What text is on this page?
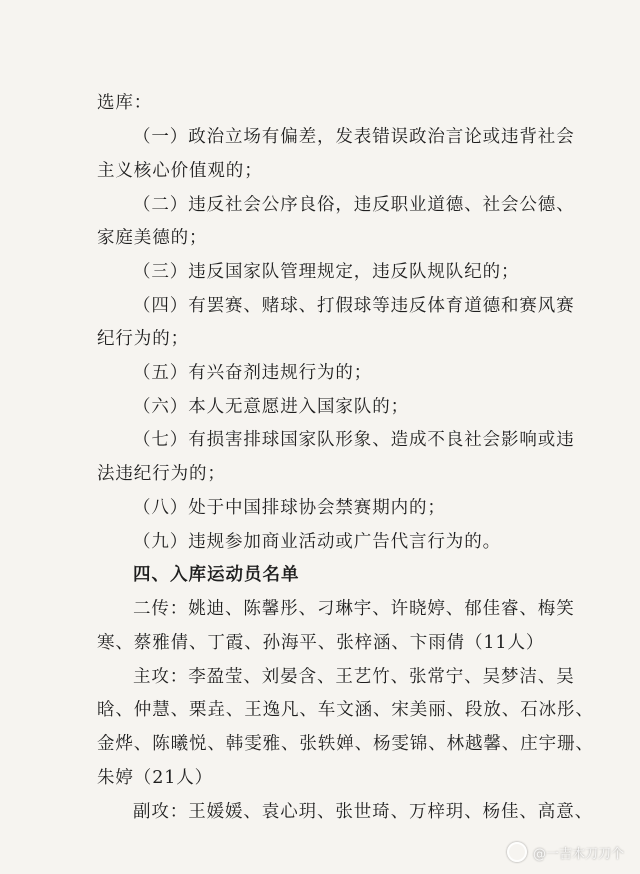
选库：
（一）政治立场有偏差，发表错误政治言论或违背社会
主义核心价值观的；
（二）违反社会公序良俗，违反职业道德、社会公德、
家庭美德的；
（三）违反国家队管理规定，违反队规队纪的；
（四）有罢赛、赌球、打假球等违反体育道德和赛风赛
纪行为的；
（五）有兴奋剂违规行为的；
（六）本人无意愿进入国家队的；
（七）有损害排球国家队形象、造成不良社会影响或违
法违纪行为的；
（八）处于中国排球协会禁赛期内的；
（九）违规参加商业活动或广告代言行为的。
四、入库运动员名单
二传：姚迪、陈馨彤、刁琳宇、许晓婷、郁佳睿、梅笑
寒、蔡雅倩、丁霞、孙海平、张梓涵、卞雨倩（11人）
主攻：李盈莹、刘晏含、王艺竹、张常宁、吴梦洁、吴
晗、仲慧、栗垚、王逸凡、车文涵、宋美丽、段放、石冰彤、
金烨、陈曦悦、韩雯雅、张轶婵、杨雯锦、林越馨、庄宇珊、
朱婷（21人）
副攻：王媛媛、袁心玥、张世琦、万梓玥、杨佳、高意、
@一吉木刀刀个
